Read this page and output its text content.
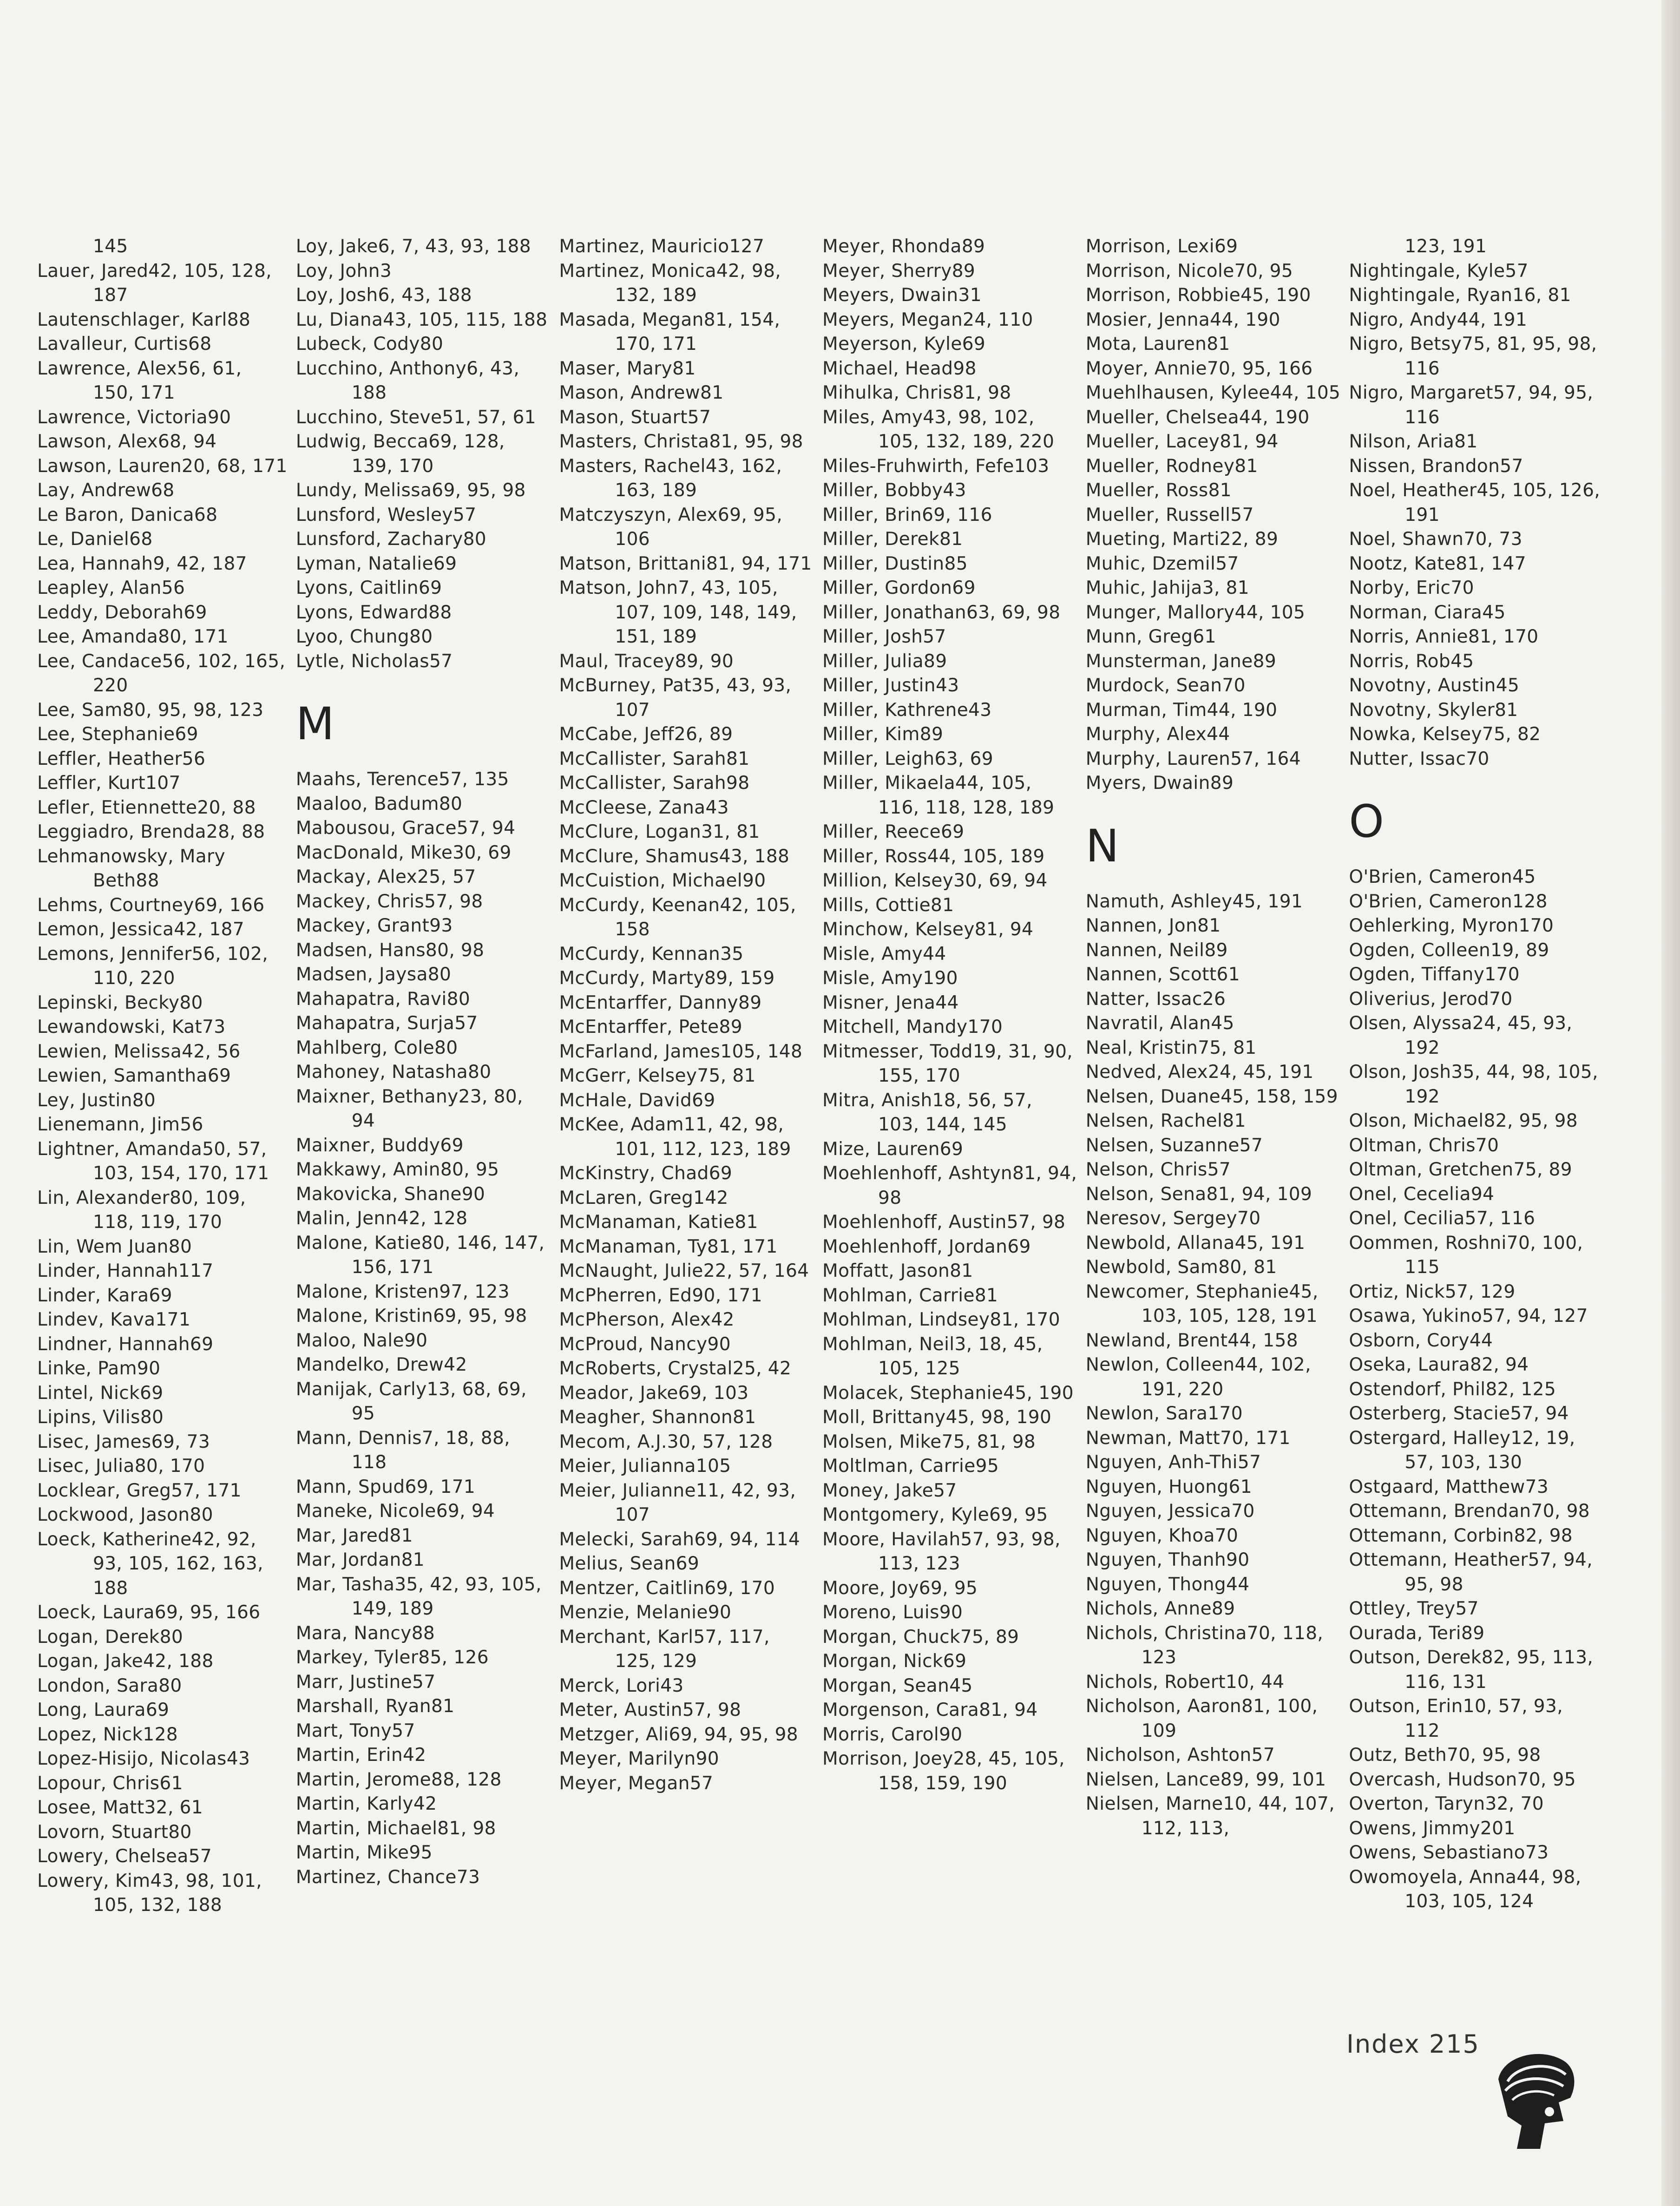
145
Lauer, Jared42, 105, 128, 187
Lautenschlager, Karl88
Lavalleur, Curtis68
Lawrence, Alex56, 61, 150, 171
Lawrence, Victoria90
Lawson, Alex68, 94
Lawson, Lauren20, 68, 171
Lay, Andrew68
Le Baron, Danica68
Le, Daniel68
Lea, Hannah9, 42, 187
Leapley, Alan56
Leddy, Deborah69
Lee, Amanda80, 171
Lee, Candace56, 102, 165, 220
Lee, Sam80, 95, 98, 123
Lee, Stephanie69
Leffler, Heather56
Leffler, Kurt107
Lefler, Etiennette20, 88
Leggiadro, Brenda28, 88
Lehmanowsky, Mary Beth88
Lehms, Courtney69, 166
Lemon, Jessica42, 187
Lemons, Jennifer56, 102, 110, 220
Lepinski, Becky80
Lewandowski, Kat73
Lewien, Melissa42, 56
Lewien, Samantha69
Ley, Justin80
Lienemann, Jim56
Lightner, Amanda50, 57, 103, 154, 170, 171
Lin, Alexander80, 109, 118, 119, 170
Lin, Wem Juan80
Linder, Hannah117
Linder, Kara69
Lindev, Kava171
Lindner, Hannah69
Linke, Pam90
Lintel, Nick69
Lipins, Vilis80
Lisec, James69, 73
Lisec, Julia80, 170
Locklear, Greg57, 171
Lockwood, Jason80
Loeck, Katherine42, 92, 93, 105, 162, 163, 188
Loeck, Laura69, 95, 166
Logan, Derek80
Logan, Jake42, 188
London, Sara80
Long, Laura69
Lopez, Nick128
Lopez-Hisijo, Nicolas43
Lopour, Chris61
Losee, Matt32, 61
Lovorn, Stuart80
Lowery, Chelsea57
Lowery, Kim43, 98, 101, 105, 132, 188
Loy, Jake6, 7, 43, 93, 188
Loy, John3
Loy, Josh6, 43, 188
Lu, Diana43, 105, 115, 188
Lubeck, Cody80
Lucchino, Anthony6, 43, 188
Lucchino, Steve51, 57, 61
Ludwig, Becca69, 128, 139, 170
Lundy, Melissa69, 95, 98
Lunsford, Wesley57
Lunsford, Zachary80
Lyman, Natalie69
Lyons, Caitlin69
Lyons, Edward88
Lyoo, Chung80
Lytle, Nicholas57
M
Maahs, Terence57, 135
Maaloo, Badum80
Mabousou, Grace57, 94
MacDonald, Mike30, 69
Mackay, Alex25, 57
Mackey, Chris57, 98
Mackey, Grant93
Madsen, Hans80, 98
Madsen, Jaysa80
Mahapatra, Ravi80
Mahapatra, Surja57
Mahlberg, Cole80
Mahoney, Natasha80
Maixner, Bethany23, 80, 94
Maixner, Buddy69
Makkawy, Amin80, 95
Makovicka, Shane90
Malin, Jenn42, 128
Malone, Katie80, 146, 147, 156, 171
Malone, Kristen97, 123
Malone, Kristin69, 95, 98
Maloo, Nale90
Mandelko, Drew42
Manijak, Carly13, 68, 69, 95
Mann, Dennis7, 18, 88, 118
Mann, Spud69, 171
Maneke, Nicole69, 94
Mar, Jared81
Mar, Jordan81
Mar, Tasha35, 42, 93, 105, 149, 189
Mara, Nancy88
Markey, Tyler85, 126
Marr, Justine57
Marshall, Ryan81
Mart, Tony57
Martin, Erin42
Martin, Jerome88, 128
Martin, Karly42
Martin, Michael81, 98
Martin, Mike95
Martinez, Chance73
Martinez, Mauricio127
Martinez, Monica42, 98, 132, 189
Masada, Megan81, 154, 170, 171
Maser, Mary81
Mason, Andrew81
Mason, Stuart57
Masters, Christa81, 95, 98
Masters, Rachel43, 162, 163, 189
Matczyszyn, Alex69, 95, 106
Matson, Brittani81, 94, 171
Matson, John7, 43, 105, 107, 109, 148, 149, 151, 189
Maul, Tracey89, 90
McBurney, Pat35, 43, 93, 107
McCabe, Jeff26, 89
McCallister, Sarah81
McCallister, Sarah98
McCleese, Zana43
McClure, Logan31, 81
McClure, Shamus43, 188
McCuistion, Michael90
McCurdy, Keenan42, 105, 158
McCurdy, Kennan35
McCurdy, Marty89, 159
McEntarffer, Danny89
McEntarffer, Pete89
McFarland, James105, 148
McGerr, Kelsey75, 81
McHale, David69
McKee, Adam11, 42, 98, 101, 112, 123, 189
McKinstry, Chad69
McLaren, Greg142
McManaman, Katie81
McManaman, Ty81, 171
McNaught, Julie22, 57, 164
McPherren, Ed90, 171
McPherson, Alex42
McProud, Nancy90
McRoberts, Crystal25, 42
Meador, Jake69, 103
Meagher, Shannon81
Mecom, A.J.30, 57, 128
Meier, Julianna105
Meier, Julianne11, 42, 93, 107
Melecki, Sarah69, 94, 114
Melius, Sean69
Mentzer, Caitlin69, 170
Menzie, Melanie90
Merchant, Karl57, 117, 125, 129
Merck, Lori43
Meter, Austin57, 98
Metzger, Ali69, 94, 95, 98
Meyer, Marilyn90
Meyer, Megan57
Meyer, Rhonda89
Meyer, Sherry89
Meyers, Dwain31
Meyers, Megan24, 110
Meyerson, Kyle69
Michael, Head98
Mihulka, Chris81, 98
Miles, Amy43, 98, 102, 105, 132, 189, 220
Miles-Fruhwirth, Fefe103
Miller, Bobby43
Miller, Brin69, 116
Miller, Derek81
Miller, Dustin85
Miller, Gordon69
Miller, Jonathan63, 69, 98
Miller, Josh57
Miller, Julia89
Miller, Justin43
Miller, Kathrene43
Miller, Kim89
Miller, Leigh63, 69
Miller, Mikaela44, 105, 116, 118, 128, 189
Miller, Reece69
Miller, Ross44, 105, 189
Million, Kelsey30, 69, 94
Mills, Cottie81
Minchow, Kelsey81, 94
Misle, Amy44
Misle, Amy190
Misner, Jena44
Mitchell, Mandy170
Mitmesser, Todd19, 31, 90, 155, 170
Mitra, Anish18, 56, 57, 103, 144, 145
Mize, Lauren69
Moehlenhoff, Ashtyn81, 94, 98
Moehlenhoff, Austin57, 98
Moehlenhoff, Jordan69
Moffatt, Jason81
Mohlman, Carrie81
Mohlman, Lindsey81, 170
Mohlman, Neil3, 18, 45, 105, 125
Molacek, Stephanie45, 190
Moll, Brittany45, 98, 190
Molsen, Mike75, 81, 98
Moltlman, Carrie95
Money, Jake57
Montgomery, Kyle69, 95
Moore, Havilah57, 93, 98, 113, 123
Moore, Joy69, 95
Moreno, Luis90
Morgan, Chuck75, 89
Morgan, Nick69
Morgan, Sean45
Morgenson, Cara81, 94
Morris, Carol90
Morrison, Joey28, 45, 105, 158, 159, 190
Morrison, Lexi69
Morrison, Nicole70, 95
Morrison, Robbie45, 190
Mosier, Jenna44, 190
Mota, Lauren81
Moyer, Annie70, 95, 166
Muehlhausen, Kylee44, 105
Mueller, Chelsea44, 190
Mueller, Lacey81, 94
Mueller, Rodney81
Mueller, Ross81
Mueller, Russell57
Mueting, Marti22, 89
Muhic, Dzemil57
Muhic, Jahija3, 81
Munger, Mallory44, 105
Munn, Greg61
Munsterman, Jane89
Murdock, Sean70
Murman, Tim44, 190
Murphy, Alex44
Murphy, Lauren57, 164
Myers, Dwain89
N
Namuth, Ashley45, 191
Nannen, Jon81
Nannen, Neil89
Nannen, Scott61
Natter, Issac26
Navratil, Alan45
Neal, Kristin75, 81
Nedved, Alex24, 45, 191
Nelsen, Duane45, 158, 159
Nelsen, Rachel81
Nelsen, Suzanne57
Nelson, Chris57
Nelson, Sena81, 94, 109
Neresov, Sergey70
Newbold, Allana45, 191
Newbold, Sam80, 81
Newcomer, Stephanie45, 103, 105, 128, 191
Newland, Brent44, 158
Newlon, Colleen44, 102, 191, 220
Newlon, Sara170
Newman, Matt70, 171
Nguyen, Anh-Thi57
Nguyen, Huong61
Nguyen, Jessica70
Nguyen, Khoa70
Nguyen, Thanh90
Nguyen, Thong44
Nichols, Anne89
Nichols, Christina70, 118, 123
Nichols, Robert10, 44
Nicholson, Aaron81, 100, 109
Nicholson, Ashton57
Nielsen, Lance89, 99, 101
Nielsen, Marne10, 44, 107, 112, 113,
123, 191
Nightingale, Kyle57
Nightingale, Ryan16, 81
Nigro, Andy44, 191
Nigro, Betsy75, 81, 95, 98, 116
Nigro, Margaret57, 94, 95, 116
Nilson, Aria81
Nissen, Brandon57
Noel, Heather45, 105, 126, 191
Noel, Shawn70, 73
Nootz, Kate81, 147
Norby, Eric70
Norman, Ciara45
Norris, Annie81, 170
Norris, Rob45
Novotny, Austin45
Novotny, Skyler81
Nowka, Kelsey75, 82
Nutter, Issac70
O
O'Brien, Cameron45
O'Brien, Cameron128
Oehlerking, Myron170
Ogden, Colleen19, 89
Ogden, Tiffany170
Oliverius, Jerod70
Olsen, Alyssa24, 45, 93, 192
Olson, Josh35, 44, 98, 105, 192
Olson, Michael82, 95, 98
Oltman, Chris70
Oltman, Gretchen75, 89
Onel, Cecelia94
Onel, Cecilia57, 116
Oommen, Roshni70, 100, 115
Ortiz, Nick57, 129
Osawa, Yukino57, 94, 127
Osborn, Cory44
Oseka, Laura82, 94
Ostendorf, Phil82, 125
Osterberg, Stacie57, 94
Ostergard, Halley12, 19, 57, 103, 130
Ostgaard, Matthew73
Ottemann, Brendan70, 98
Ottemann, Corbin82, 98
Ottemann, Heather57, 94, 95, 98
Ottley, Trey57
Ourada, Teri89
Outson, Derek82, 95, 113, 116, 131
Outson, Erin10, 57, 93, 112
Outz, Beth70, 95, 98
Overcash, Hudson70, 95
Overton, Taryn32, 70
Owens, Jimmy201
Owens, Sebastiano73
Owomoyela, Anna44, 98, 103, 105, 124
Index 215
